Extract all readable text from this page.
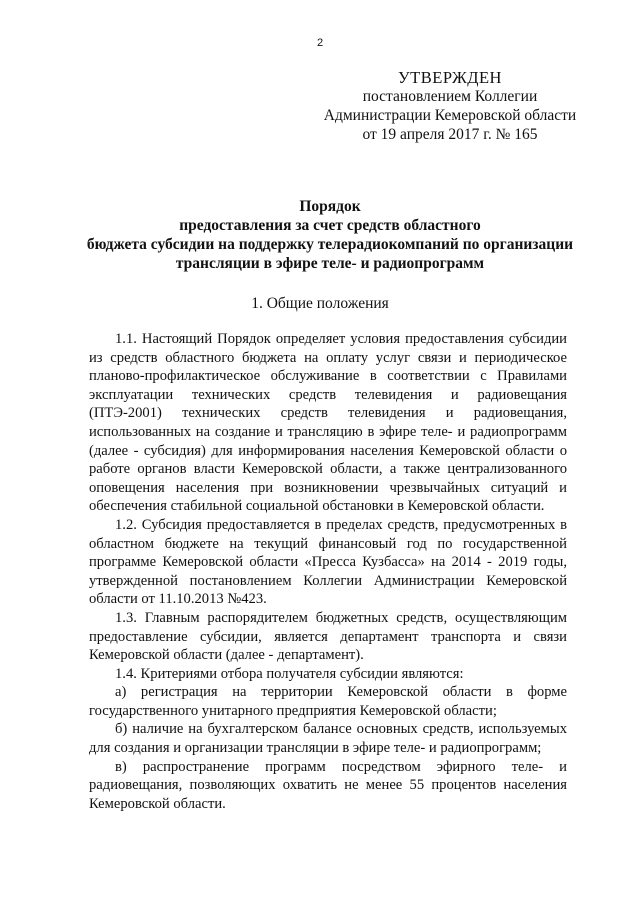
2
УТВЕРЖДЕН
постановлением Коллегии
Администрации Кемеровской области
от 19 апреля 2017 г. № 165
Порядок
предоставления за счет средств областного
бюджета субсидии на поддержку телерадиокомпаний по организации
трансляции в эфире теле- и радиопрограмм
1. Общие положения

1.1. Настоящий Порядок определяет условия предоставления субсидии из средств областного бюджета на оплату услуг связи и периодическое планово-профилактическое обслуживание в соответствии с Правилами эксплуатации технических средств телевидения и радиовещания (ПТЭ-2001) технических средств телевидения и радиовещания, использованных на создание и трансляцию в эфире теле- и радиопрограмм (далее - субсидия) для информирования населения Кемеровской области о работе органов власти Кемеровской области, а также централизованного оповещения населения при возникновении чрезвычайных ситуаций и обеспечения стабильной социальной обстановки в Кемеровской области.

1.2. Субсидия предоставляется в пределах средств, предусмотренных в областном бюджете на текущий финансовый год по государственной программе Кемеровской области «Пресса Кузбасса» на 2014 - 2019 годы, утвержденной постановлением Коллегии Администрации Кемеровской области от 11.10.2013 №423.

1.3. Главным распорядителем бюджетных средств, осуществляющим предоставление субсидии, является департамент транспорта и связи Кемеровской области (далее - департамент).

1.4. Критериями отбора получателя субсидии являются:

а) регистрация на территории Кемеровской области в форме государственного унитарного предприятия Кемеровской области;

б) наличие на бухгалтерском балансе основных средств, используемых для создания и организации трансляции в эфире теле- и радиопрограмм;

в) распространение программ посредством эфирного теле- и радиовещания, позволяющих охватить не менее 55 процентов населения Кемеровской области.
